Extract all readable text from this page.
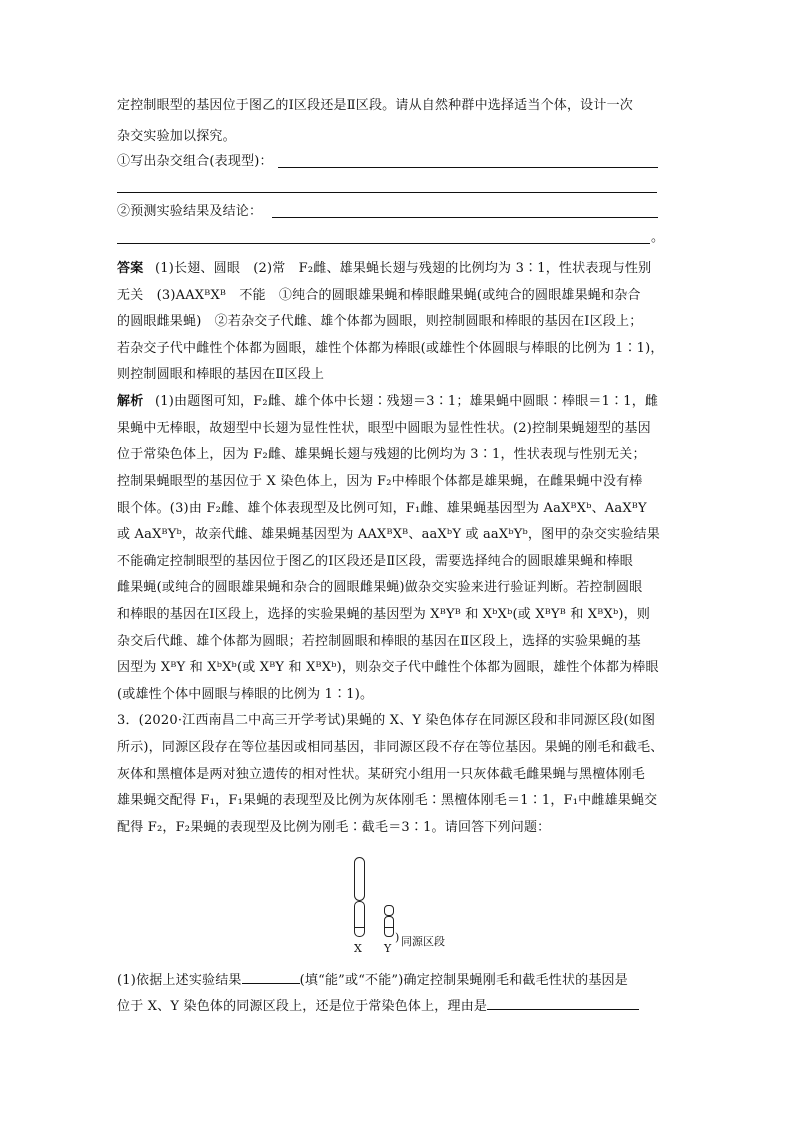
定控制眼型的基因位于图乙的Ⅰ区段还是Ⅱ区段。请从自然种群中选择适当个体，设计一次
杂交实验加以探究。
①写出杂交组合(表现型)：
②预测实验结果及结论：
。
答案 (1)长翅、圆眼　(2)常　F₂雌、雄果蝇长翅与残翅的比例均为 3∶1，性状表现与性别
无关　(3)AAXᴮXᴮ　不能　①纯合的圆眼雄果蝇和棒眼雌果蝇(或纯合的圆眼雄果蝇和杂合
的圆眼雌果蝇)　②若杂交子代雌、雄个体都为圆眼，则控制圆眼和棒眼的基因在Ⅰ区段上；
若杂交子代中雌性个体都为圆眼，雄性个体都为棒眼(或雄性个体圆眼与棒眼的比例为 1∶1)，
则控制圆眼和棒眼的基因在Ⅱ区段上
解析 (1)由题图可知，F₂雌、雄个体中长翅∶残翅＝3∶1；雄果蝇中圆眼∶棒眼＝1∶1，雌
果蝇中无棒眼，故翅型中长翅为显性性状，眼型中圆眼为显性性状。(2)控制果蝇翅型的基因
位于常染色体上，因为 F₂雌、雄果蝇长翅与残翅的比例均为 3∶1，性状表现与性别无关；
控制果蝇眼型的基因位于 X 染色体上，因为 F₂中棒眼个体都是雄果蝇，在雌果蝇中没有棒
眼个体。(3)由 F₂雌、雄个体表现型及比例可知，F₁雌、雄果蝇基因型为 AaXᴮXᵇ、AaXᴮY
或 AaXᴮYᵇ，故亲代雌、雄果蝇基因型为 AAXᴮXᴮ、aaXᵇY 或 aaXᵇYᵇ，图甲的杂交实验结果
不能确定控制眼型的基因位于图乙的Ⅰ区段还是Ⅱ区段，需要选择纯合的圆眼雄果蝇和棒眼
雌果蝇(或纯合的圆眼雄果蝇和杂合的圆眼雌果蝇)做杂交实验来进行验证判断。若控制圆眼
和棒眼的基因在Ⅰ区段上，选择的实验果蝇的基因型为 XᴮYᴮ 和 XᵇXᵇ(或 XᴮYᴮ 和 XᴮXᵇ)，则
杂交后代雌、雄个体都为圆眼；若控制圆眼和棒眼的基因在Ⅱ区段上，选择的实验果蝇的基
因型为 XᴮY 和 XᵇXᵇ(或 XᴮY 和 XᴮXᵇ)，则杂交子代中雌性个体都为圆眼，雄性个体都为棒眼
(或雄性个体中圆眼与棒眼的比例为 1∶1)。
3．(2020·江西南昌二中高三开学考试)果蝇的 X、Y 染色体存在同源区段和非同源区段(如图
所示)，同源区段存在等位基因或相同基因，非同源区段不存在等位基因。果蝇的刚毛和截毛、
灰体和黑檀体是两对独立遗传的相对性状。某研究小组用一只灰体截毛雌果蝇与黑檀体刚毛
雄果蝇交配得 F₁，F₁果蝇的表现型及比例为灰体刚毛∶黑檀体刚毛＝1∶1，F₁中雌雄果蝇交
配得 F₂，F₂果蝇的表现型及比例为刚毛∶截毛＝3∶1。请回答下列问题：
) 同源区段
X Y
(1)依据上述实验结果	(填“能”或“不能”)确定控制果蝇刚毛和截毛性状的基因是
位于 X、Y 染色体的同源区段上，还是位于常染色体上，理由是
